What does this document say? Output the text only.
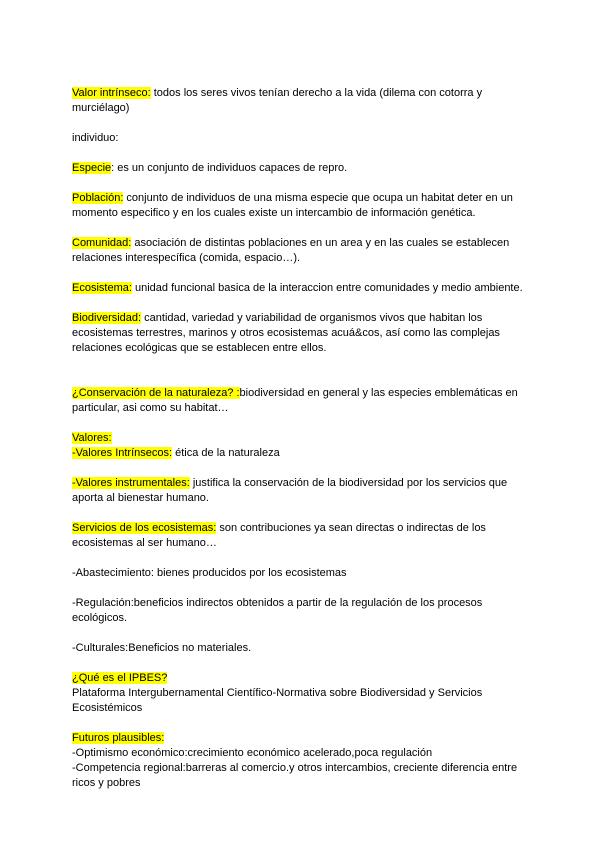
Valor intrínseco: todos los seres vivos tenían derecho a la vida (dilema con cotorra y murciélago)

individuo:

Especie: es un conjunto de individuos capaces de repro.

Población: conjunto de individuos de una misma especie que ocupa un habitat deter en un momento especifico y en los cuales existe un intercambio de información genética.

Comunidad: asociación de distintas poblaciones en un area y en las cuales se establecen relaciones interespecífica (comida, espacio…).

Ecosistema: unidad funcional basica de la interaccion entre comunidades y medio ambiente.

Biodiversidad: cantidad, variedad y variabilidad de organismos vivos que habitan los ecosistemas terrestres, marinos y otros ecosistemas acuá&cos, así como las complejas relaciones ecológicas que se establecen entre ellos.

¿Conservación de la naturaleza? :biodiversidad en general y las especies emblemáticas en particular, asi como su habitat…

Valores:

-Valores Intrínsecos: ética de la naturaleza

-Valores instrumentales: justifica la conservación de la biodiversidad por los servicios que aporta al bienestar humano.

Servicios de los ecosistemas: son contribuciones ya sean directas o indirectas de los ecosistemas al ser humano…

-Abastecimiento: bienes producidos por los ecosistemas

-Regulación:beneficios indirectos obtenidos a partir de la regulación de los procesos ecológicos.

-Culturales:Beneficios no materiales.

¿Qué es el IPBES?

Plataforma Intergubernamental Científico-Normativa sobre Biodiversidad y Servicios Ecosistémicos

Futuros plausibles:

-Optimismo económico:crecimiento económico acelerado,poca regulación

-Competencia regional:barreras al comercio.y otros intercambios, creciente diferencia entre ricos y pobres
